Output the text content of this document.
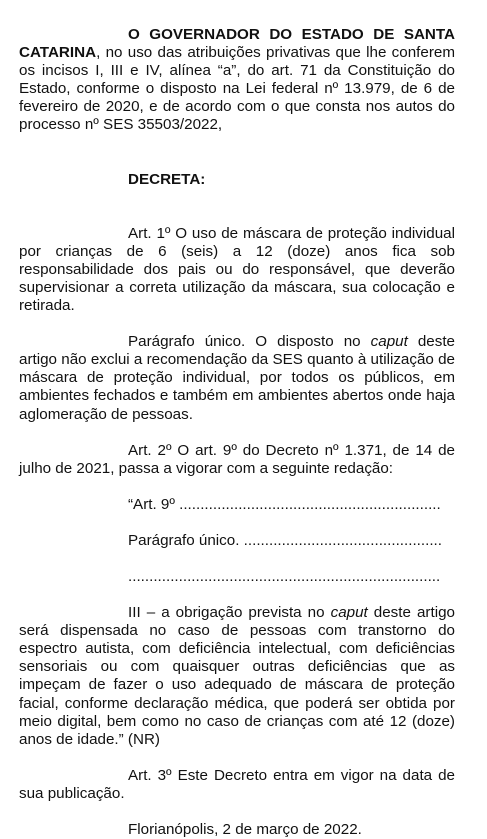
O GOVERNADOR DO ESTADO DE SANTA CATARINA, no uso das atribuições privativas que lhe conferem os incisos I, III e IV, alínea “a”, do art. 71 da Constituição do Estado, conforme o disposto na Lei federal nº 13.979, de 6 de fevereiro de 2020, e de acordo com o que consta nos autos do processo nº SES 35503/2022,

DECRETA:

Art. 1º O uso de máscara de proteção individual por crianças de 6 (seis) a 12 (doze) anos fica sob responsabilidade dos pais ou do responsável, que deverão supervisionar a correta utilização da máscara, sua colocação e retirada.

Parágrafo único. O disposto no caput deste artigo não exclui a recomendação da SES quanto à utilização de máscara de proteção individual, por todos os públicos, em ambientes fechados e também em ambientes abertos onde haja aglomeração de pessoas.

Art. 2º O art. 9º do Decreto nº 1.371, de 14 de julho de 2021, passa a vigorar com a seguinte redação:

“Art. 9º ..............................................................

Parágrafo único. ...............................................

..........................................................................

III – a obrigação prevista no caput deste artigo será dispensada no caso de pessoas com transtorno do espectro autista, com deficiência intelectual, com deficiências sensoriais ou com quaisquer outras deficiências que as impeçam de fazer o uso adequado de máscara de proteção facial, conforme declaração médica, que poderá ser obtida por meio digital, bem como no caso de crianças com até 12 (doze) anos de idade.” (NR)

Art. 3º Este Decreto entra em vigor na data de sua publicação.

Florianópolis, 2 de março de 2022.
